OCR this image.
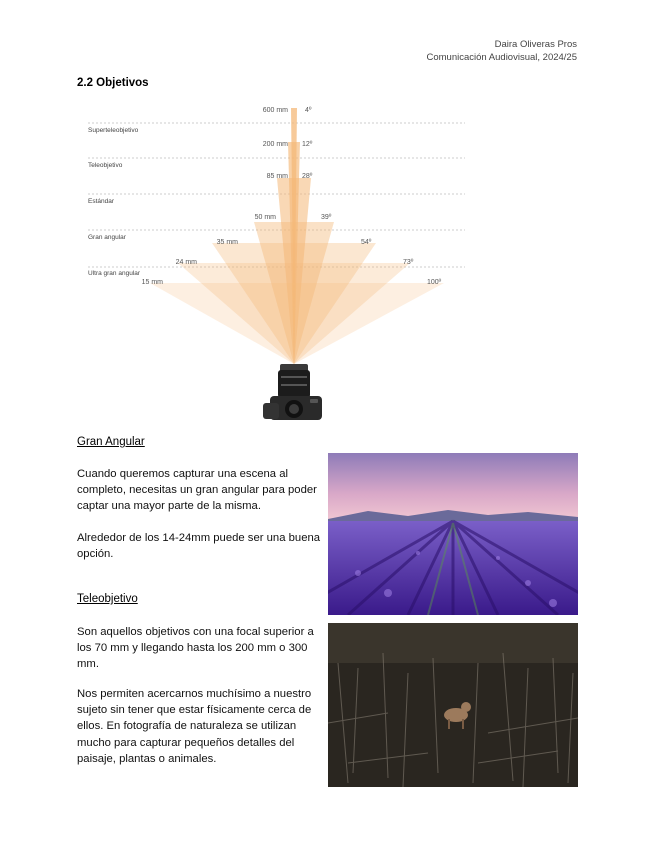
Daira Oliveras Pros
Comunicación Audiovisual, 2024/25
2.2 Objetivos
Superteleobjetivo
Teleobjetivo
Estándar
Gran angular
Ultra gran angular
600 mm 4º
200 mm 12º
85 mm 28º
50 mm	39º
35 mm	54º
24 mm	73º
15 mm	100º
Gran Angular

Cuando queremos capturar una escena al completo, necesitas un gran angular para poder captar una mayor parte de la misma.

Alrededor de los 14-24mm puede ser una buena opción.

Teleobjetivo

Son aquellos objetivos con una focal superior a los 70 mm y llegando hasta los 200 mm o 300 mm.

Nos permiten acercarnos muchísimo a nuestro sujeto sin tener que estar físicamente cerca de ellos. En fotografía de naturaleza se utilizan mucho para capturar pequeños detalles del paisaje, plantas o animales.
